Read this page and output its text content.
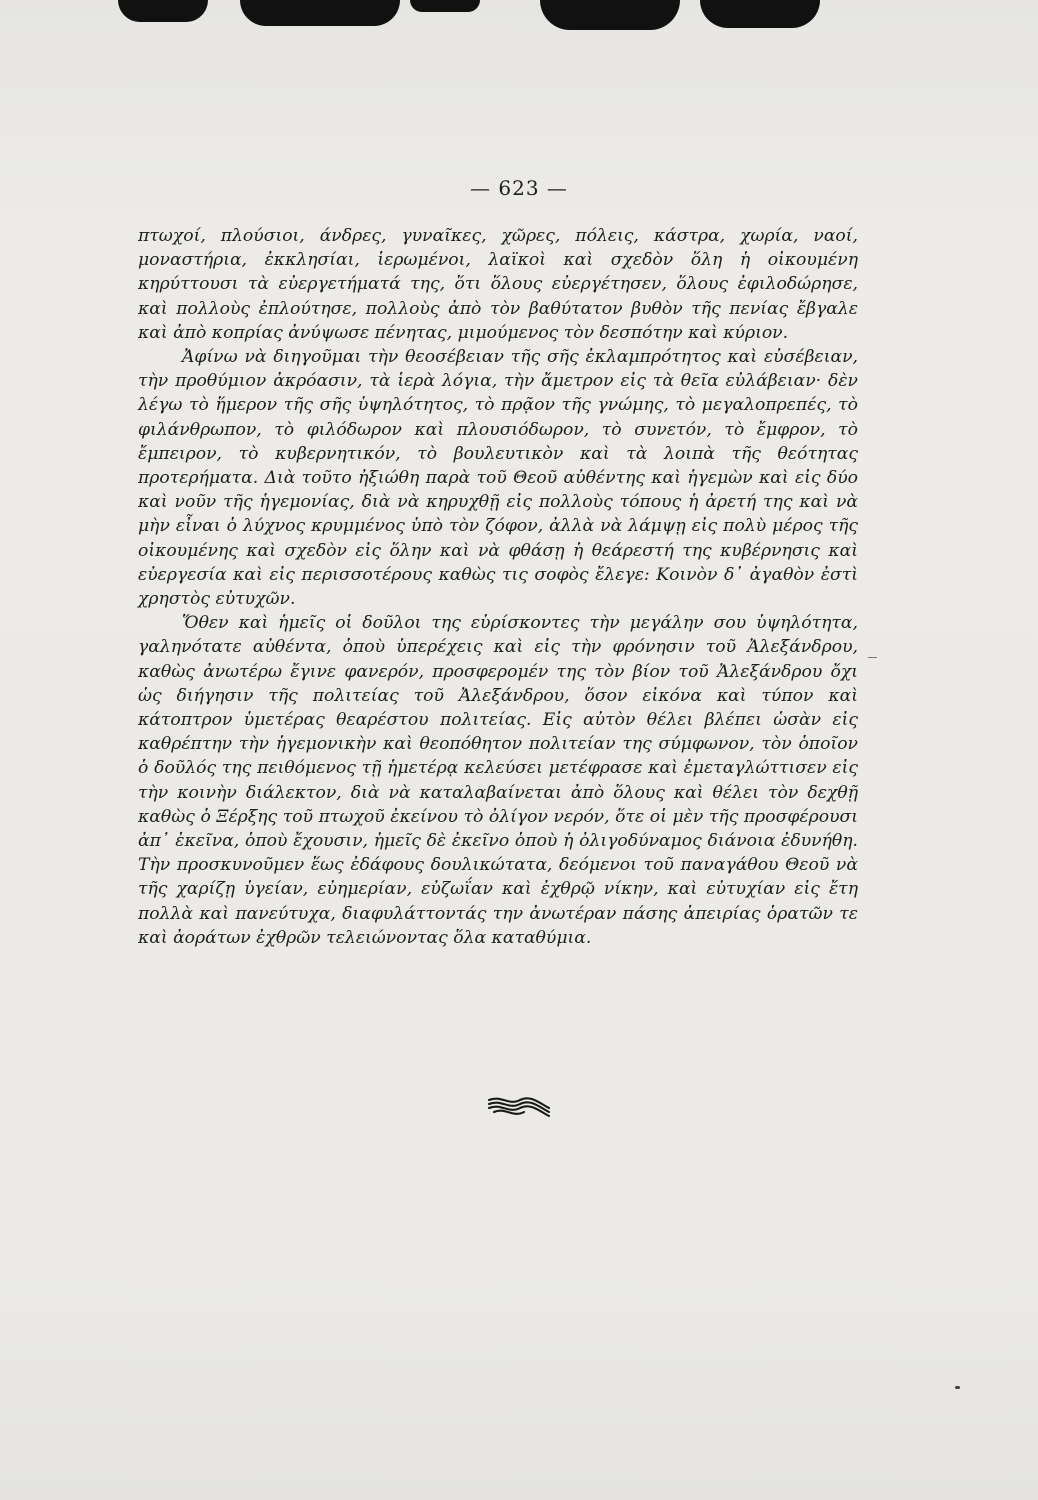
— 623 —

πτωχοί, πλούσιοι, άνδρες, γυναῖκες, χῶρες, πόλεις, κάστρα, χωρία, ναοί, μοναστήρια, ἐκκλησίαι, ἱερωμένοι, λαϊκοὶ καὶ σχεδὸν ὅλη ἡ οἰκουμένη κηρύττουσι τὰ εὐεργετήματά της, ὅτι ὅλους εὐεργέτησεν, ὅλους ἐφιλοδώρησε, καὶ πολλοὺς ἐπλούτησε, πολλοὺς ἀπὸ τὸν βαθύτατον βυθὸν τῆς πενίας ἔβγαλε καὶ ἀπὸ κοπρίας ἀνύψωσε πένητας, μιμούμενος τὸν δεσπότην καὶ κύριον.

Ἀφίνω νὰ διηγοῦμαι τὴν θεοσέβειαν τῆς σῆς ἐκλαμπρότητος καὶ εὐσέβειαν, τὴν προθύμιον ἀκρόασιν, τὰ ἱερὰ λόγια, τὴν ἄμετρον εἰς τὰ θεῖα εὐλάβειαν· δὲν λέγω τὸ ἥμερον τῆς σῆς ὑψηλότητος, τὸ πρᾷον τῆς γνώμης, τὸ μεγαλοπρεπές, τὸ φιλάνθρωπον, τὸ φιλόδωρον καὶ πλουσιόδωρον, τὸ συνετόν, τὸ ἔμφρον, τὸ ἔμπειρον, τὸ κυβερνητικόν, τὸ βουλευτικὸν καὶ τὰ λοιπὰ τῆς θεότητας προτερήματα. Διὰ τοῦτο ἠξιώθη παρὰ τοῦ Θεοῦ αὐθέντης καὶ ἡγεμὼν καὶ εἰς δύο καὶ νοῦν τῆς ἡγεμονίας, διὰ νὰ κηρυχθῇ εἰς πολλοὺς τόπους ἡ ἀρετή της καὶ νὰ μὴν εἶναι ὁ λύχνος κρυμμένος ὑπὸ τὸν ζόφον, ἀλλὰ νὰ λάμψῃ εἰς πολὺ μέρος τῆς οἰκουμένης καὶ σχεδὸν εἰς ὅλην καὶ νὰ φθάσῃ ἡ θεάρεστή της κυβέρνησις καὶ εὐεργεσία καὶ εἰς περισσοτέρους καθὼς τις σοφὸς ἔλεγε: Κοινὸν δ᾽ ἀγαθὸν ἐστὶ χρηστὸς εὐτυχῶν.

Ὅθεν καὶ ἡμεῖς οἱ δοῦλοι της εὑρίσκοντες τὴν μεγάλην σου ὑψηλότητα, γαληνότατε αὐθέντα, ὁποὺ ὑπερέχεις καὶ εἰς τὴν φρόνησιν τοῦ Ἀλεξάνδρου, καθὼς ἀνωτέρω ἔγινε φανερόν, προσφερομέν της τὸν βίον τοῦ Ἀλεξάνδρου ὄχι ὡς διήγησιν τῆς πολιτείας τοῦ Ἀλεξάνδρου, ὅσον εἰκόνα καὶ τύπον καὶ κάτοπτρον ὑμετέρας θεαρέστου πολιτείας. Εἰς αὐτὸν θέλει βλέπει ὡσὰν εἰς καθρέπτην τὴν ἡγεμονικὴν καὶ θεοπόθητον πολιτείαν της σύμφωνον, τὸν ὁποῖον ὁ δοῦλός της πειθόμενος τῇ ἡμετέρᾳ κελεύσει μετέφρασε καὶ ἐμεταγλώττισεν εἰς τὴν κοινὴν διάλεκτον, διὰ νὰ καταλαβαίνεται ἀπὸ ὅλους καὶ θέλει τὸν δεχθῇ καθὼς ὁ Ξέρξης τοῦ πτωχοῦ ἐκείνου τὸ ὀλίγον νερόν, ὅτε οἱ μὲν τῆς προσφέρουσι ἀπ᾽ ἐκεῖνα, ὁποὺ ἔχουσιν, ἡμεῖς δὲ ἐκεῖνο ὁποὺ ἡ ὀλιγοδύναμος διάνοια ἐδυνήθη. Τὴν προσκυνοῦμεν ἕως ἐδάφους δουλικώτατα, δεόμενοι τοῦ παναγάθου Θεοῦ νὰ τῆς χαρίζῃ ὑγείαν, εὐημερίαν, εὐζωΐαν καὶ ἐχθρῷ νίκην, καὶ εὐτυχίαν εἰς ἔτη πολλὰ καὶ πανεύτυχα, διαφυλάττοντάς την ἀνωτέραν πάσης ἀπειρίας ὁρατῶν τε καὶ ἀοράτων ἐχθρῶν τελειώνοντας ὅλα καταθύμια.
